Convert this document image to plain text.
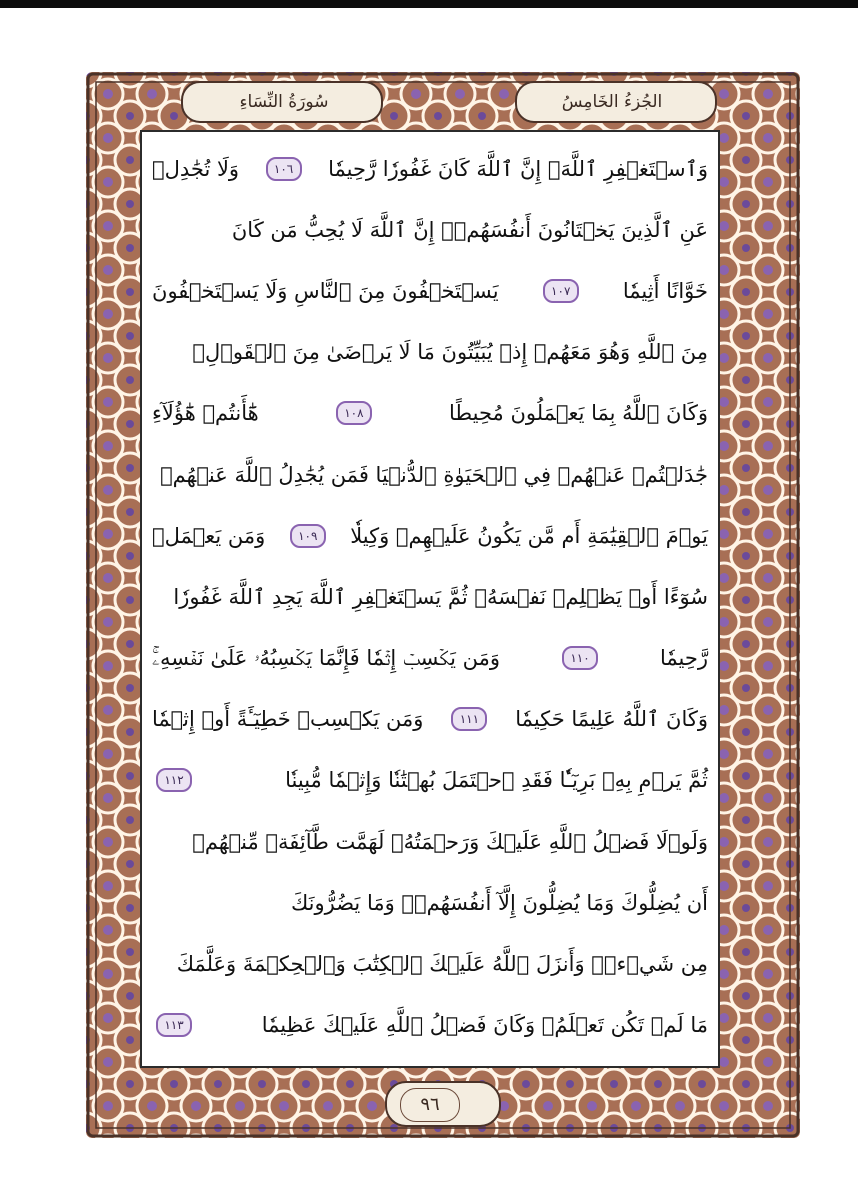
الجُزءُ الخَامِسُ
سُورَةُ النِّسَاءِ
وَٱسۡتَغۡفِرِ ٱللَّهَۖ إِنَّ ٱللَّهَ كَانَ غَفُورٗا رَّحِيمٗا
١٠٦
وَلَا تُجَٰدِلۡ
عَنِ ٱلَّذِينَ يَخۡتَانُونَ أَنفُسَهُمۡۚ إِنَّ ٱللَّهَ لَا يُحِبُّ مَن كَانَ
خَوَّانًا أَثِيمٗا
١٠٧
يَسۡتَخۡفُونَ مِنَ ٱلنَّاسِ وَلَا يَسۡتَخۡفُونَ
مِنَ ٱللَّهِ وَهُوَ مَعَهُمۡ إِذۡ يُبَيِّتُونَ مَا لَا يَرۡضَىٰ مِنَ ٱلۡقَوۡلِۚ
وَكَانَ ٱللَّهُ بِمَا يَعۡمَلُونَ مُحِيطًا
١٠٨
هَٰٓأَنتُمۡ هَٰٓؤُلَآءِ
جَٰدَلۡتُمۡ عَنۡهُمۡ فِي ٱلۡحَيَوٰةِ ٱلدُّنۡيَا فَمَن يُجَٰدِلُ ٱللَّهَ عَنۡهُمۡ
يَوۡمَ ٱلۡقِيَٰمَةِ أَم مَّن يَكُونُ عَلَيۡهِمۡ وَكِيلٗا
١٠٩
وَمَن يَعۡمَلۡ
سُوٓءًا أَوۡ يَظۡلِمۡ نَفۡسَهُۥ ثُمَّ يَسۡتَغۡفِرِ ٱللَّهَ يَجِدِ ٱللَّهَ غَفُورٗا
رَّحِيمٗا
١١٠
وَمَن يَكۡسِبۡ إِثۡمٗا فَإِنَّمَا يَكۡسِبُهُۥ عَلَىٰ نَفۡسِهِۦۚ
وَكَانَ ٱللَّهُ عَلِيمًا حَكِيمٗا
١١١
وَمَن يَكۡسِبۡ خَطِيٓـَٔةً أَوۡ إِثۡمٗا
ثُمَّ يَرۡمِ بِهِۦ بَرِيٓـٔٗا فَقَدِ ٱحۡتَمَلَ بُهۡتَٰنٗا وَإِثۡمٗا مُّبِينٗا
١١٢
وَلَوۡلَا فَضۡلُ ٱللَّهِ عَلَيۡكَ وَرَحۡمَتُهُۥ لَهَمَّت طَّآئِفَةٞ مِّنۡهُمۡ
أَن يُضِلُّوكَ وَمَا يُضِلُّونَ إِلَّآ أَنفُسَهُمۡۖ وَمَا يَضُرُّونَكَ
مِن شَيۡءٖۚ وَأَنزَلَ ٱللَّهُ عَلَيۡكَ ٱلۡكِتَٰبَ وَٱلۡحِكۡمَةَ وَعَلَّمَكَ
مَا لَمۡ تَكُن تَعۡلَمُۚ وَكَانَ فَضۡلُ ٱللَّهِ عَلَيۡكَ عَظِيمٗا
١١٣
٩٦
